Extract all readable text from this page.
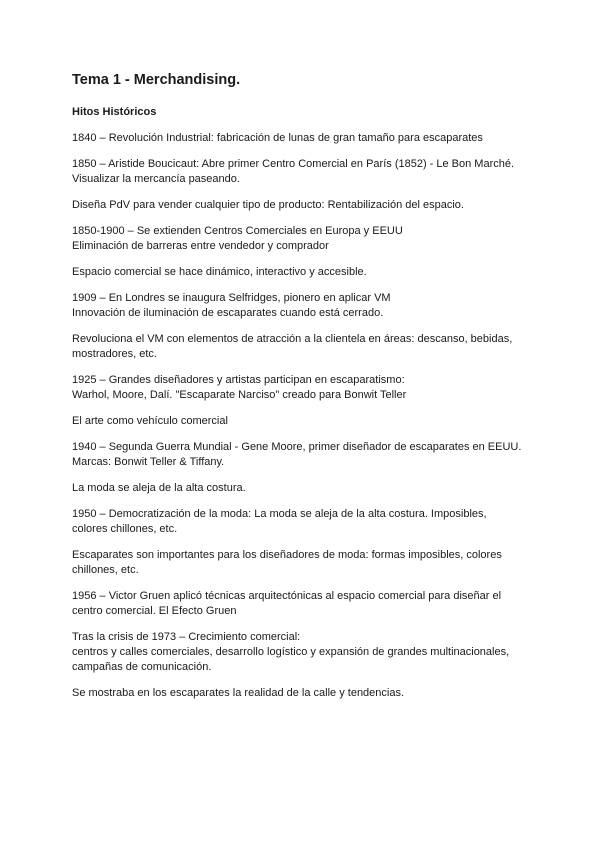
Tema 1 - Merchandising.
Hitos Históricos
1840 – Revolución Industrial: fabricación de lunas de gran tamaño para escaparates
1850 – Aristide Boucicaut: Abre primer Centro Comercial en París (1852) - Le Bon Marché.
Visualizar la mercancía paseando.
Diseña PdV para vender cualquier tipo de producto: Rentabilización del espacio.
1850-1900 – Se extienden Centros Comerciales en Europa y EEUU
Eliminación de barreras entre vendedor y comprador
Espacio comercial se hace dinámico, interactivo y accesible.
1909 – En Londres se inaugura Selfridges, pionero en aplicar VM
Innovación de iluminación de escaparates cuando está cerrado.
Revoluciona el VM con elementos de atracción a la clientela en áreas: descanso, bebidas,
mostradores, etc.
1925 – Grandes diseñadores y artistas participan en escaparatismo:
Warhol, Moore, Dalí. "Escaparate Narciso" creado para Bonwit Teller
El arte como vehículo comercial
1940 – Segunda Guerra Mundial - Gene Moore, primer diseñador de escaparates en EEUU.
Marcas: Bonwit Teller & Tiffany.
La moda se aleja de la alta costura.
1950 – Democratización de la moda: La moda se aleja de la alta costura. Imposibles,
colores chillones, etc.
Escaparates son importantes para los diseñadores de moda: formas imposibles, colores
chillones, etc.
1956 – Victor Gruen aplicó técnicas arquitectónicas al espacio comercial para diseñar el
centro comercial. El Efecto Gruen
Tras la crisis de 1973 – Crecimiento comercial:
centros y calles comerciales, desarrollo logístico y expansión de grandes multinacionales,
campañas de comunicación.
Se mostraba en los escaparates la realidad de la calle y tendencias.
